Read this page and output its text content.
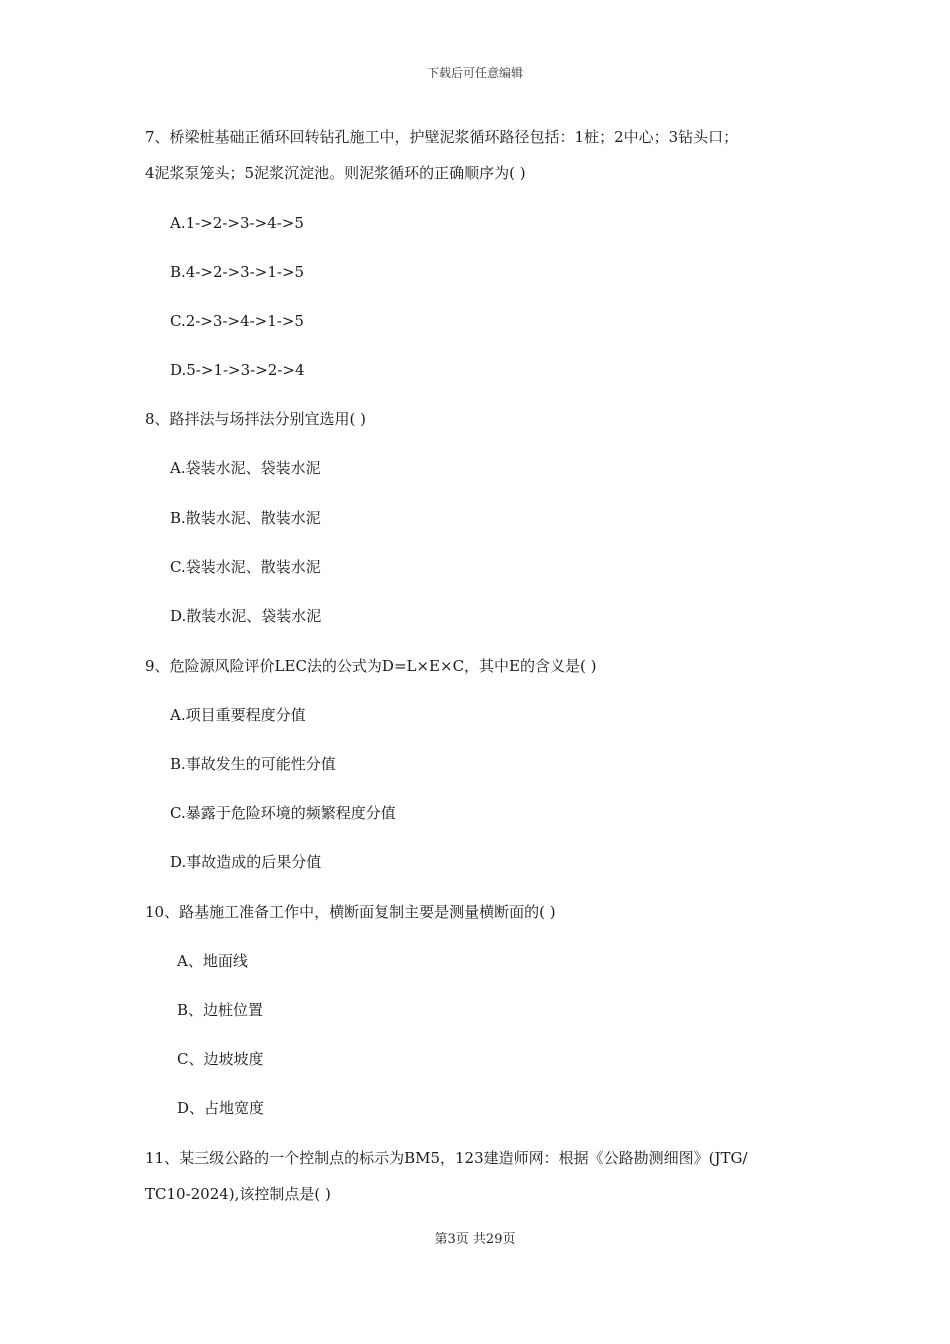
下载后可任意编辑
7、桥梁桩基础正循环回转钻孔施工中，护壁泥浆循环路径包括：1桩；2中心；3钻头口；
4泥浆泵笼头；5泥浆沉淀池。则泥浆循环的正确顺序为( )
A.1->2->3->4->5
B.4->2->3->1->5
C.2->3->4->1->5
D.5->1->3->2->4
8、路拌法与场拌法分别宜选用( )
A.袋装水泥、袋装水泥
B.散装水泥、散装水泥
C.袋装水泥、散装水泥
D.散装水泥、袋装水泥
9、危险源风险评价LEC法的公式为D=L×E×C，其中E的含义是( )
A.项目重要程度分值
B.事故发生的可能性分值
C.暴露于危险环境的频繁程度分值
D.事故造成的后果分值
10、路基施工准备工作中，横断面复制主要是测量横断面的( )
A、地面线
B、边桩位置
C、边坡坡度
D、占地宽度
11、某三级公路的一个控制点的标示为BM5，123建造师网：根据《公路勘测细图》(JTG/
TC10-2024),该控制点是( )
第3页 共29页
